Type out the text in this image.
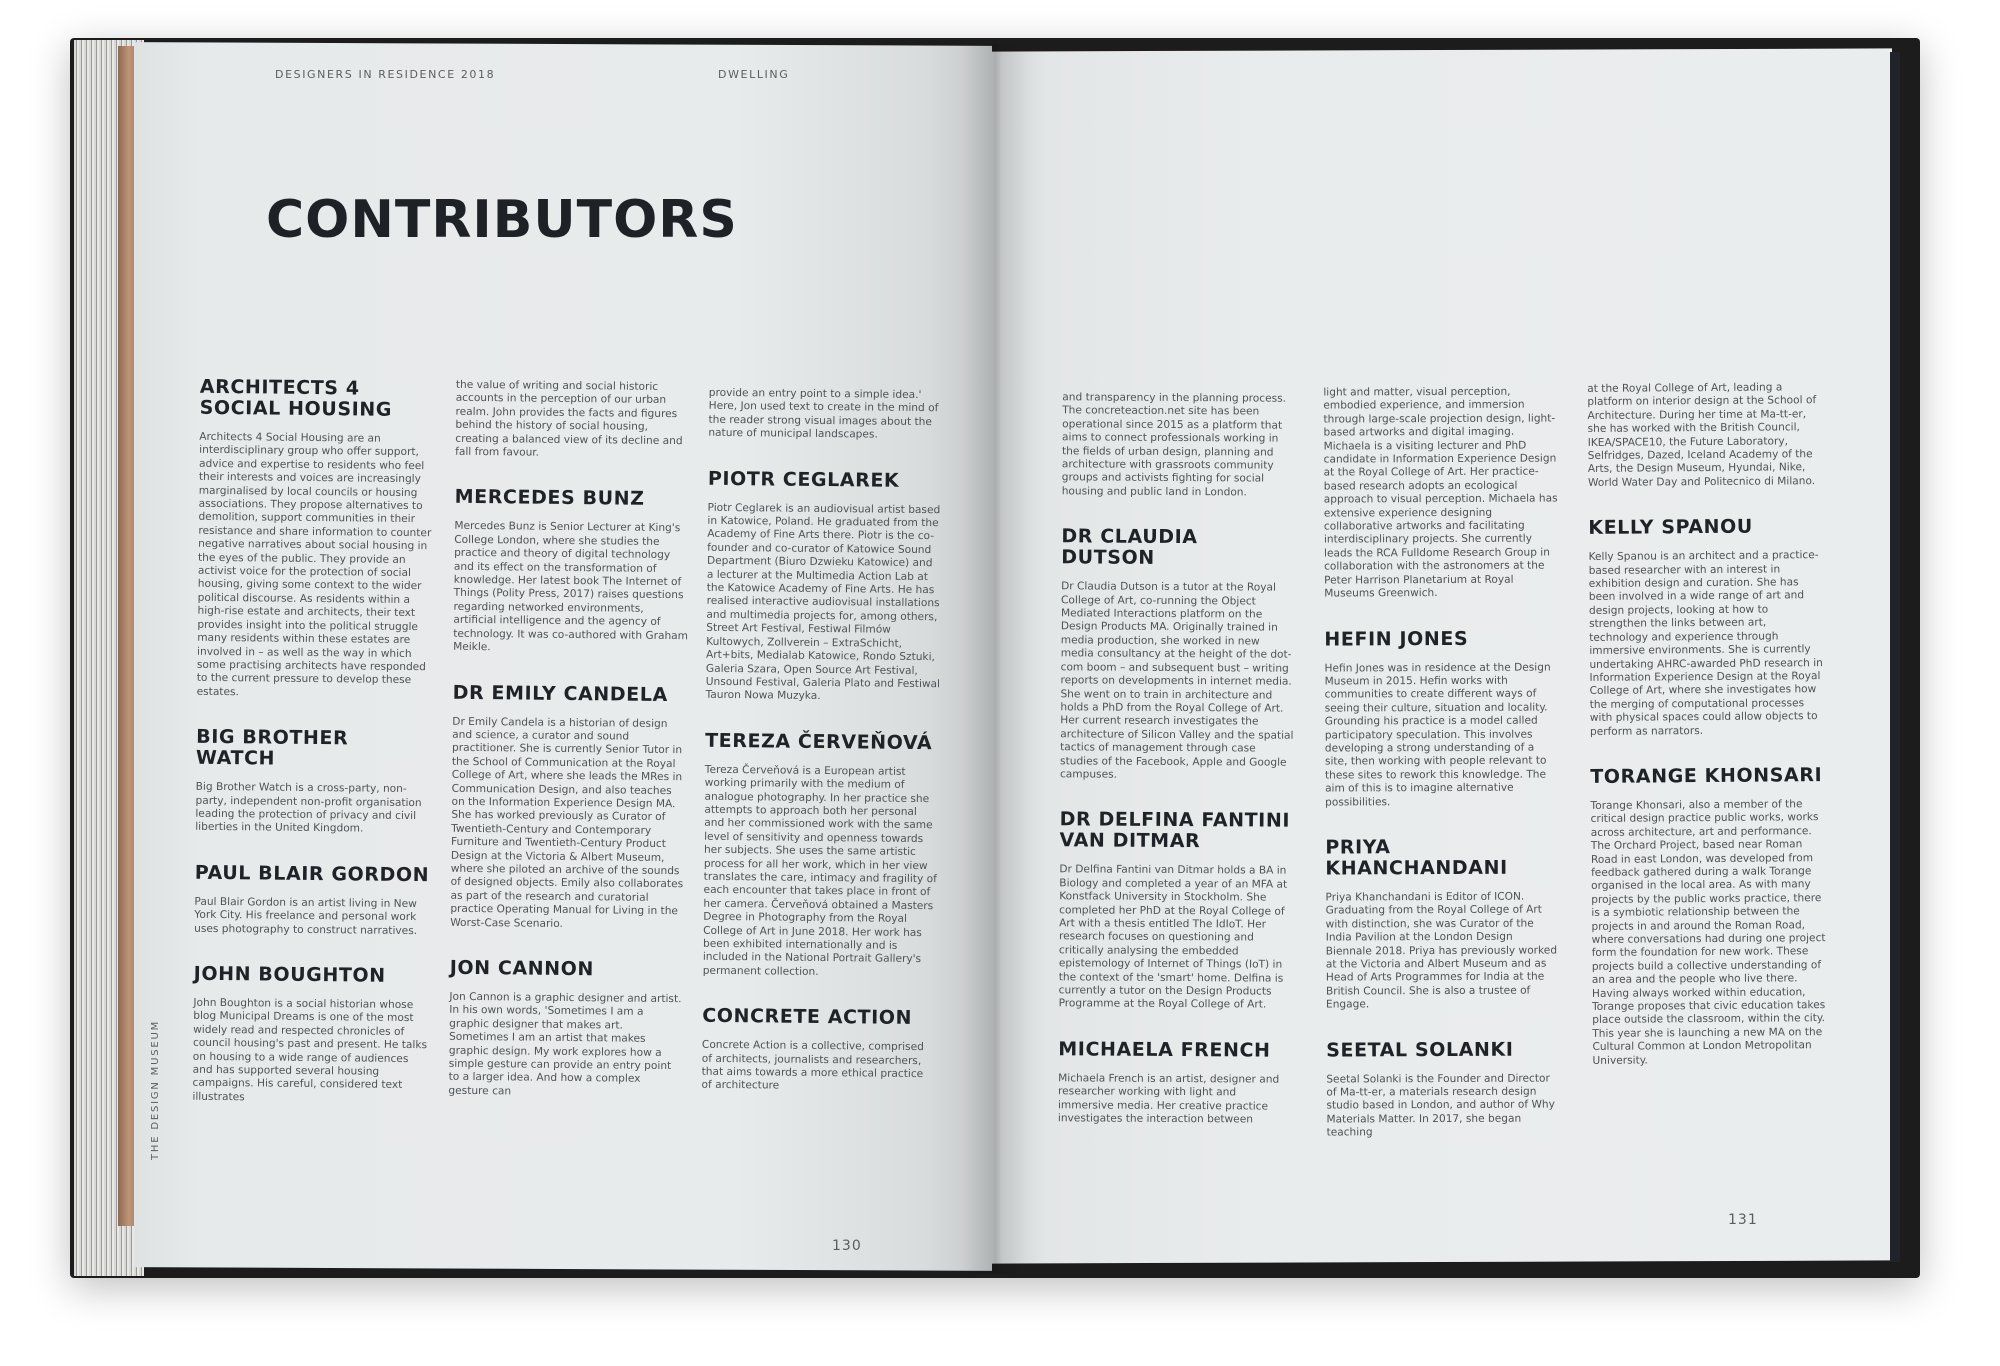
DESIGNERS IN RESIDENCE 2018	DWELLING
CONTRIBUTORS
THE DESIGN MUSEUM
ARCHITECTS 4 SOCIAL HOUSING

Architects 4 Social Housing are an interdisciplinary group who offer support, advice and expertise to residents who feel their interests and voices are increasingly marginalised by local councils or housing associations. They propose alternatives to demolition, support communities in their resistance and share information to counter negative narratives about social housing in the eyes of the public. They provide an activist voice for the protection of social housing, giving some context to the wider political discourse. As residents within a high-rise estate and architects, their text provides insight into the political struggle many residents within these estates are involved in – as well as the way in which some practising architects have responded to the current pressure to develop these estates.

BIG BROTHER WATCH

Big Brother Watch is a cross-party, non-party, independent non-profit organisation leading the protection of privacy and civil liberties in the United Kingdom.

PAUL BLAIR GORDON

Paul Blair Gordon is an artist living in New York City. His freelance and personal work uses photography to construct narratives.

JOHN BOUGHTON

John Boughton is a social historian whose blog Municipal Dreams is one of the most widely read and respected chronicles of council housing's past and present. He talks on housing to a wide range of audiences and has supported several housing campaigns. His careful, considered text illustrates

the value of writing and social historic accounts in the perception of our urban realm. John provides the facts and figures behind the history of social housing, creating a balanced view of its decline and fall from favour.

MERCEDES BUNZ

Mercedes Bunz is Senior Lecturer at King's College London, where she studies the practice and theory of digital technology and its effect on the transformation of knowledge. Her latest book The Internet of Things (Polity Press, 2017) raises questions regarding networked environments, artificial intelligence and the agency of technology. It was co-authored with Graham Meikle.

DR EMILY CANDELA

Dr Emily Candela is a historian of design and science, a curator and sound practitioner. She is currently Senior Tutor in the School of Communication at the Royal College of Art, where she leads the MRes in Communication Design, and also teaches on the Information Experience Design MA. She has worked previously as Curator of Twentieth-Century and Contemporary Furniture and Twentieth-Century Product Design at the Victoria & Albert Museum, where she piloted an archive of the sounds of designed objects. Emily also collaborates as part of the research and curatorial practice Operating Manual for Living in the Worst-Case Scenario.

JON CANNON

Jon Cannon is a graphic designer and artist. In his own words, 'Sometimes I am a graphic designer that makes art. Sometimes I am an artist that makes graphic design. My work explores how a simple gesture can provide an entry point to a larger idea. And how a complex gesture can

provide an entry point to a simple idea.' Here, Jon used text to create in the mind of the reader strong visual images about the nature of municipal landscapes.

PIOTR CEGLAREK

Piotr Ceglarek is an audiovisual artist based in Katowice, Poland. He graduated from the Academy of Fine Arts there. Piotr is the co-founder and co-curator of Katowice Sound Department (Biuro Dzwieku Katowice) and a lecturer at the Multimedia Action Lab at the Katowice Academy of Fine Arts. He has realised interactive audiovisual installations and multimedia projects for, among others, Street Art Festival, Festiwal Filmów Kultowych, Zollverein – ExtraSchicht, Art+bits, Medialab Katowice, Rondo Sztuki, Galeria Szara, Open Source Art Festival, Unsound Festival, Galeria Plato and Festiwal Tauron Nowa Muzyka.

TEREZA ČERVEŇOVÁ

Tereza Červeňová is a European artist working primarily with the medium of analogue photography. In her practice she attempts to approach both her personal and her commissioned work with the same level of sensitivity and openness towards her subjects. She uses the same artistic process for all her work, which in her view translates the care, intimacy and fragility of each encounter that takes place in front of her camera. Červeňová obtained a Masters Degree in Photography from the Royal College of Art in June 2018. Her work has been exhibited internationally and is included in the National Portrait Gallery's permanent collection.

CONCRETE ACTION

Concrete Action is a collective, comprised of architects, journalists and researchers, that aims towards a more ethical practice of architecture

and transparency in the planning process. The concreteaction.net site has been operational since 2015 as a platform that aims to connect professionals working in the fields of urban design, planning and architecture with grassroots community groups and activists fighting for social housing and public land in London.

DR CLAUDIA DUTSON

Dr Claudia Dutson is a tutor at the Royal College of Art, co-running the Object Mediated Interactions platform on the Design Products MA. Originally trained in media production, she worked in new media consultancy at the height of the dot-com boom – and subsequent bust – writing reports on developments in internet media. She went on to train in architecture and holds a PhD from the Royal College of Art. Her current research investigates the architecture of Silicon Valley and the spatial tactics of management through case studies of the Facebook, Apple and Google campuses.

DR DELFINA FANTINI VAN DITMAR

Dr Delfina Fantini van Ditmar holds a BA in Biology and completed a year of an MFA at Konstfack University in Stockholm. She completed her PhD at the Royal College of Art with a thesis entitled The IdIoT. Her research focuses on questioning and critically analysing the embedded epistemology of Internet of Things (IoT) in the context of the 'smart' home. Delfina is currently a tutor on the Design Products Programme at the Royal College of Art.

MICHAELA FRENCH

Michaela French is an artist, designer and researcher working with light and immersive media. Her creative practice investigates the interaction between

light and matter, visual perception, embodied experience, and immersion through large-scale projection design, light-based artworks and digital imaging. Michaela is a visiting lecturer and PhD candidate in Information Experience Design at the Royal College of Art. Her practice-based research adopts an ecological approach to visual perception. Michaela has extensive experience designing collaborative artworks and facilitating interdisciplinary projects. She currently leads the RCA Fulldome Research Group in collaboration with the astronomers at the Peter Harrison Planetarium at Royal Museums Greenwich.

HEFIN JONES

Hefin Jones was in residence at the Design Museum in 2015. Hefin works with communities to create different ways of seeing their culture, situation and locality. Grounding his practice is a model called participatory speculation. This involves developing a strong understanding of a site, then working with people relevant to these sites to rework this knowledge. The aim of this is to imagine alternative possibilities.

PRIYA KHANCHANDANI

Priya Khanchandani is Editor of ICON. Graduating from the Royal College of Art with distinction, she was Curator of the India Pavilion at the London Design Biennale 2018. Priya has previously worked at the Victoria and Albert Museum and as Head of Arts Programmes for India at the British Council. She is also a trustee of Engage.

SEETAL SOLANKI

Seetal Solanki is the Founder and Director of Ma-tt-er, a materials research design studio based in London, and author of Why Materials Matter. In 2017, she began teaching

at the Royal College of Art, leading a platform on interior design at the School of Architecture. During her time at Ma-tt-er, she has worked with the British Council, IKEA/SPACE10, the Future Laboratory, Selfridges, Dazed, Iceland Academy of the Arts, the Design Museum, Hyundai, Nike, World Water Day and Politecnico di Milano.

KELLY SPANOU

Kelly Spanou is an architect and a practice-based researcher with an interest in exhibition design and curation. She has been involved in a wide range of art and design projects, looking at how to strengthen the links between art, technology and experience through immersive environments. She is currently undertaking AHRC-awarded PhD research in Information Experience Design at the Royal College of Art, where she investigates how the merging of computational processes with physical spaces could allow objects to perform as narrators.

TORANGE KHONSARI

Torange Khonsari, also a member of the critical design practice public works, works across architecture, art and performance. The Orchard Project, based near Roman Road in east London, was developed from feedback gathered during a walk Torange organised in the local area. As with many projects by the public works practice, there is a symbiotic relationship between the projects in and around the Roman Road, where conversations had during one project form the foundation for new work. These projects build a collective understanding of an area and the people who live there. Having always worked within education, Torange proposes that civic education takes place outside the classroom, within the city. This year she is launching a new MA on the Cultural Common at London Metropolitan University.

130
131
